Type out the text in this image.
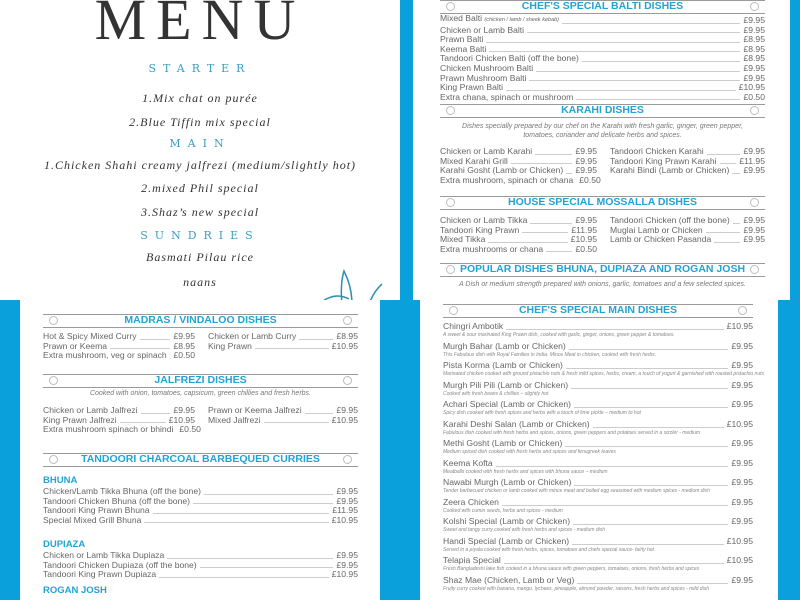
MENU
STARTER
1.Mix chat on purée
2.Blue Tiffin mix special
MAIN
1.Chicken Shahi creamy jalfrezi (medium/slightly hot)
2.mixed Phil special
3.Shaz’s new special
SUNDRIES
Basmati Pilau rice
naans
CHEF'S SPECIAL BALTI DISHES
Mixed Balti (chicken / lamb / sheek kebab)	£9.95
Chicken or Lamb Balti	£9.95
Prawn Balti	£8.95
Keema Balti	£8.95
Tandoori Chicken Balti (off the bone)	£8.95
Chicken Mushroom Balti	£9.95
Prawn Mushroom Balti	£9.95
King Prawn Balti	£10.95
Extra chana, spinach or mushroom	£0.50
KARAHI DISHES
Dishes specially prepared by our chef on the Karahi with fresh garlic, ginger, green pepper, tomatoes, coriander and delicate herbs and spices.
Chicken or Lamb Karahi	£9.95
Mixed Karahi Grill	£9.95
Karahi Gosht (Lamb or Chicken) £9.95
Extra mushroom, spinach or chana £0.50
Tandoori Chicken Karahi	£9.95
Tandoori King Prawn Karahi	£11.95
Karahi Bindi (Lamb or Chicken) £9.95
HOUSE SPECIAL MOSSALLA DISHES
Chicken or Lamb Tikka	£9.95
Tandoori King Prawn	£11.95
Mixed Tikka	£10.95
Extra mushrooms or chana	£0.50
Tandoori Chicken (off the bone) £9.95
Muglai Lamb or Chicken	£9.95
Lamb or Chicken Pasanda	£9.95
POPULAR DISHES BHUNA, DUPIAZA AND ROGAN JOSH
A Dish or medium strength prepared with onions, garlic, tomatoes and a few selected spices.
MADRAS / VINDALOO DISHES
Hot & Spicy Mixed Curry	£9.95
Prawn or Keema	£8.95
Extra mushroom, veg or spinach £0.50
Chicken or Lamb Curry	£8.95
King Prawn	£10.95
JALFREZI DISHES
Cooked with onion, tomatoes, capsicum, green chillies and fresh herbs.
Chicken or Lamb Jalfrezi	£9.95
King Prawn Jalfrezi	£10.95
Extra mushroom spinach or bhindi £0.50
Prawn or Keema Jalfrezi	£9.95
Mixed Jalfrezi	£10.95
TANDOORI CHARCOAL BARBEQUED CURRIES
BHUNA
Chicken/Lamb Tikka Bhuna (off the bone)	£9.95
Tandoori Chicken Bhuna (off the bone)	£9.95
Tandoori King Prawn Bhuna	£11.95
Special Mixed Grill Bhuna	£10.95
DUPIAZA
Chicken or Lamb Tikka Dupiaza	£9.95
Tandoori Chicken Dupiaza (off the bone)	£9.95
Tandoori King Prawn Dupiaza	£10.95
ROGAN JOSH
CHEF'S SPECIAL MAIN DISHES
Chingri Ambotik	£10.95
A sweet & sour marinated King Prawn dish, cooked with garlic, ginger, onions, green pepper & tomatoes.
Murgh Bahar (Lamb or Chicken)	£9.95
This Fabulous dish with Royal Families in India. Mince Meat in chicken, cooked with fresh herbs.
Pista Korma (Lamb or Chicken)	£9.95
Marinated chicken cooked with ground pistachio nuts & fresh mild spices, herbs, cream, a touch of yogurt & garnished with roasted pistachio nuts
Murgh Pili Pili (Lamb or Chicken)	£9.95
Cooked with fresh beans & chillies – slightly hot
Achari Special (Lamb or Chicken)	£9.95
Spicy dish cooked with fresh spices and herbs with a touch of lime pickle – medium to hot
Karahi Deshi Salan (Lamb or Chicken)	£10.95
Fabulous dish cooked with fresh herbs and spices, onions, green peppers and potatoes served in a sizzler - medium
Methi Gosht (Lamb or Chicken)	£9.95
Medium spiced dish cooked with fresh herbs and spices and fenugreek leaves
Keema Kofta	£9.95
Meatballs cooked with fresh herbs and spices with bhuna sauce – medium
Nawabi Murgh (Lamb or Chicken)	£9.95
Tender barbecued chicken or lamb cooked with mince meat and boiled egg seasoned with medium spices - medium dish
Zeera Chicken	£9.95
Cooked with cumin seeds, herbs and spices - medium
Kolshi Special (Lamb or Chicken)	£9.95
Sweet and tangy curry cooked with fresh herbs and spices - medium dish
Handi Special (Lamb or Chicken)	£10.95
Served in a piyala cooked with fresh herbs, spices, tomatoes and chefs special sauce- fairly hot
Telapia Special	£10.95
Fresh Bangladeshi lake fish cooked in a bhuna sauce with green peppers, tomatoes, onions, fresh herbs and spices
Shaz Mae (Chicken, Lamb or Veg)	£9.95
Fruity curry cooked with banana, mango, lychees, pineapple, almond powder, raisons, fresh herbs and spices - mild dish
